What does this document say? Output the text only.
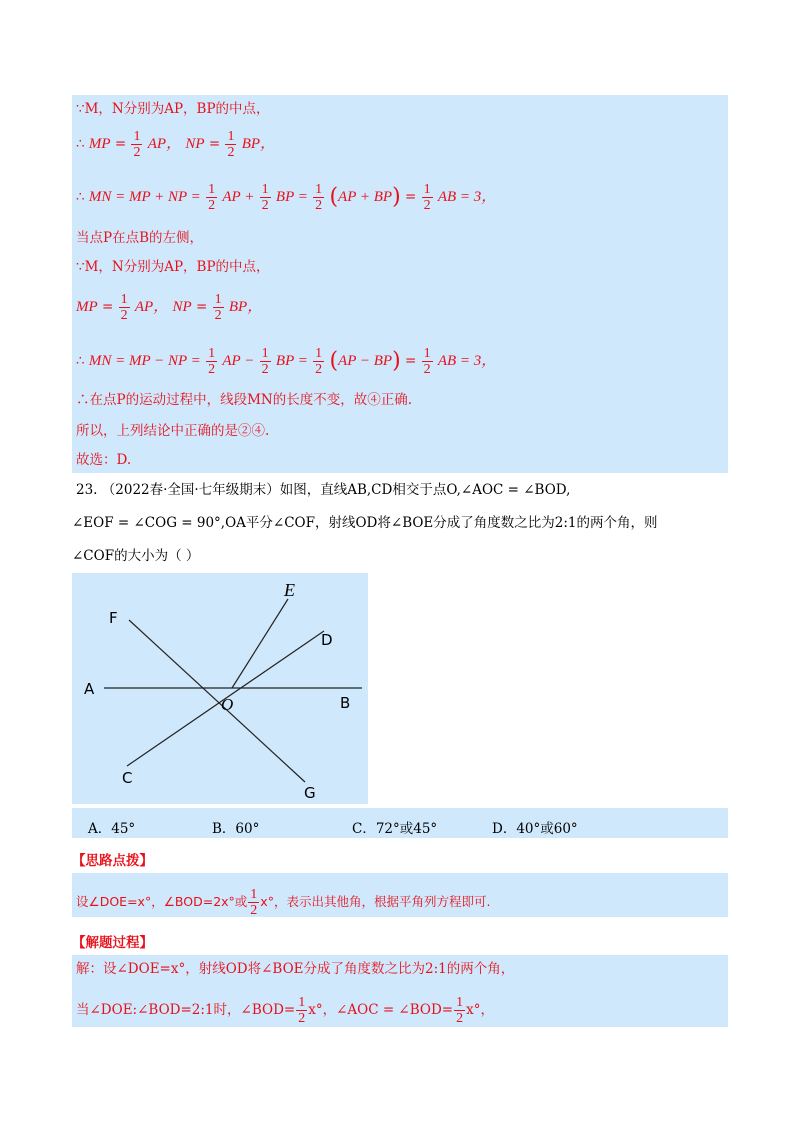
∵M，N分别为AP，BP的中点，
∴ MP = $\frac{1}{2}$ AP， NP = $\frac{1}{2}$ BP，
∴ MN = MP + NP = $\frac{1}{2}$ AP + $\frac{1}{2}$ BP = $\frac{1}{2} (AP + BP) = \frac{1}{2}$ AB = 3，
当点P在点B的左侧，
∵M，N分别为AP，BP的中点，
MP = $\frac{1}{2}$ AP， NP = $\frac{1}{2}$ BP，
∴ MN = MP − NP = $\frac{1}{2}$ AP − $\frac{1}{2}$ BP = $\frac{1}{2} (AP - BP) = \frac{1}{2}$ AB = 3，
∴在点P的运动过程中，线段MN的长度不变，故④正确.
所以，上列结论中正确的是②④.
故选：D.
23. （2022春·全国·七年级期末）如图，直线AB,CD相交于点O,∠AOC = ∠BOD,
∠EOF = ∠COG = 90°,OA平分∠COF，射线OD将∠BOE分成了角度数之比为2:1的两个角，则
∠COF的大小为（ ）
E
F
D
A
O	B
C
G
A．45°	B．60°	C．72°或45°	D．40°或60°
【思路点拨】
设∠DOE=x°，∠BOD=2x°或 $\frac{1}{2} x^\circ$，表示出其他角，根据平角列方程即可.
【解题过程】
解：设∠DOE=x°，射线OD将∠BOE分成了角度数之比为2:1的两个角，
当∠DOE:∠BOD=2:1时，∠BOD= $\frac{1}{2} x^\circ$，∠AOC = ∠BOD= $\frac{1}{2} x^\circ$，
